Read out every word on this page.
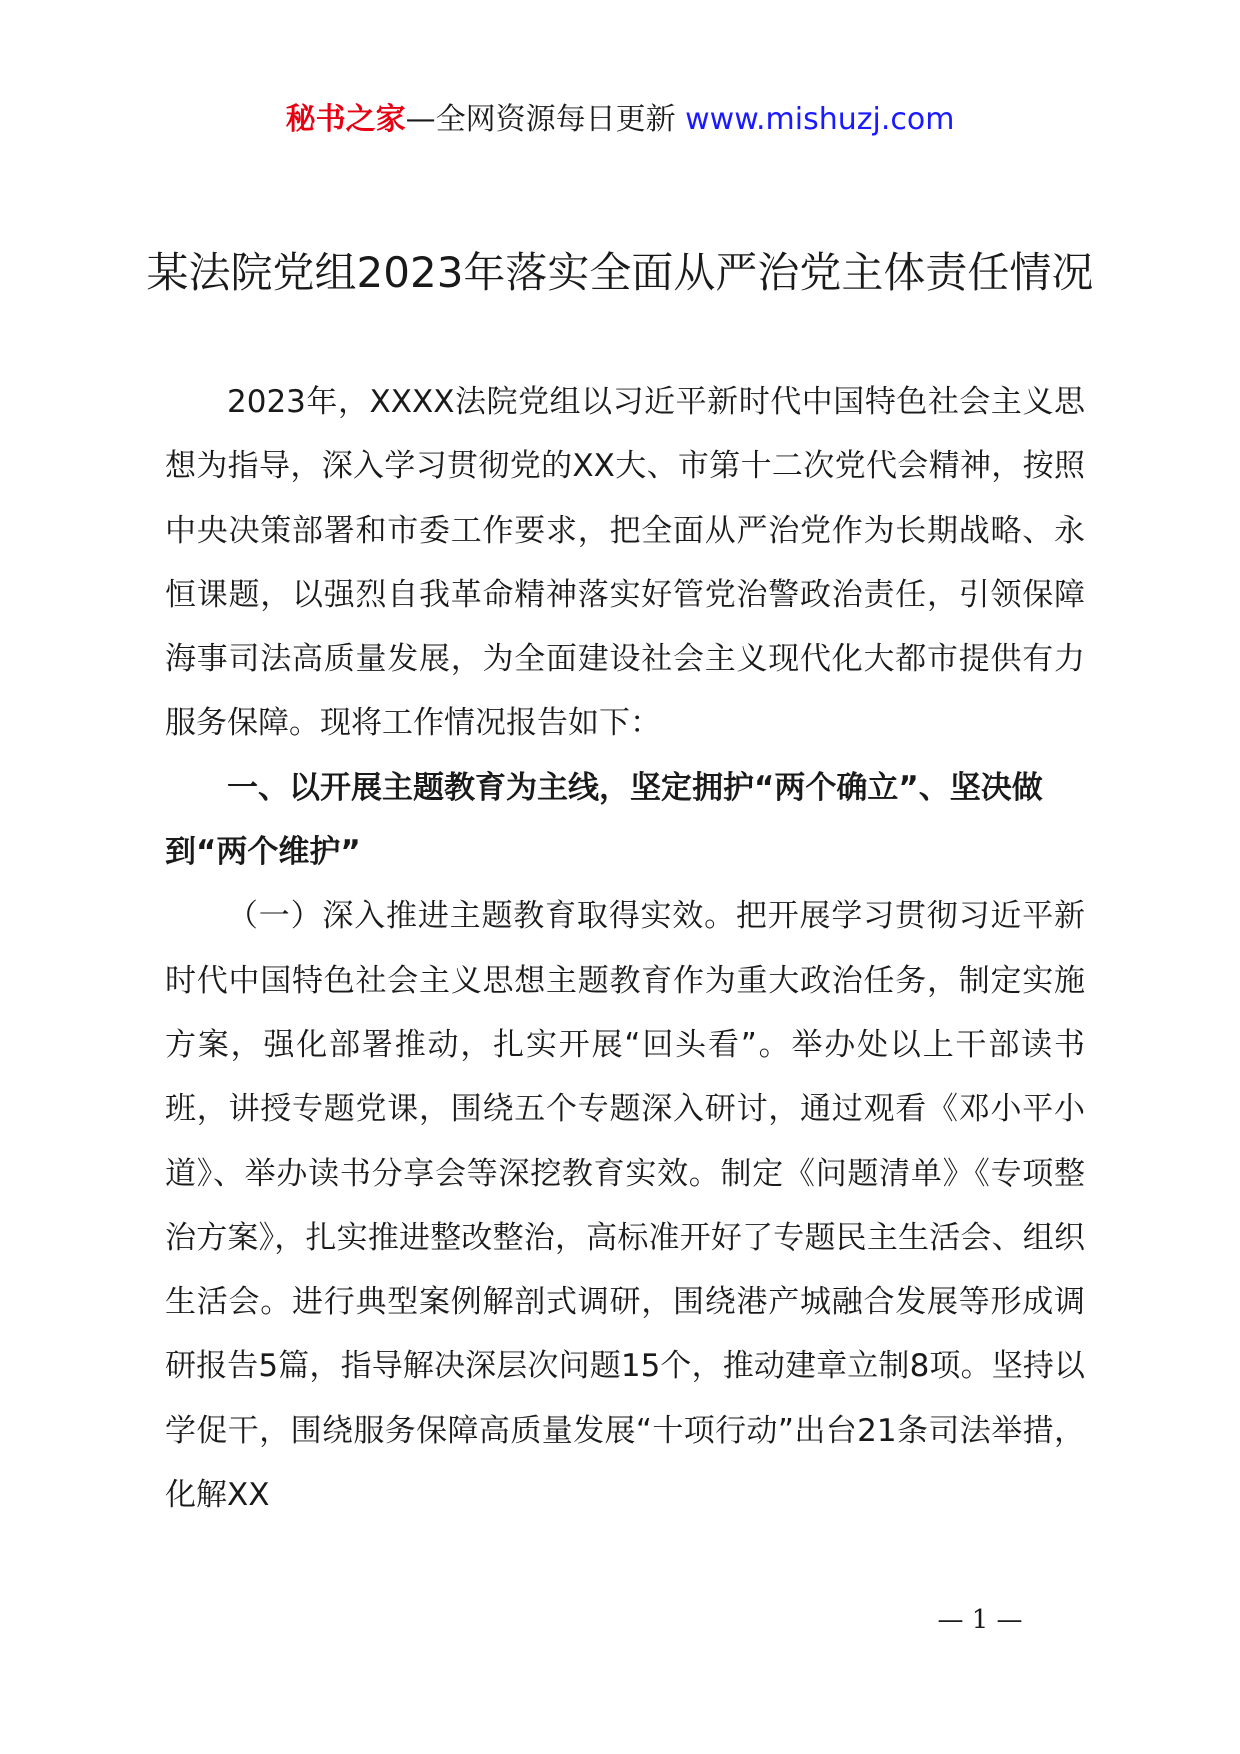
秘书之家—全网资源每日更新 www.mishuzj.com
某法院党组2023年落实全面从严治党主体责任情况

2023年，XXXX法院党组以习近平新时代中国特色社会主义思想为指导，深入学习贯彻党的XX大、市第十二次党代会精神，按照中央决策部署和市委工作要求，把全面从严治党作为长期战略、永恒课题，以强烈自我革命精神落实好管党治警政治责任，引领保障海事司法高质量发展，为全面建设社会主义现代化大都市提供有力服务保障。现将工作情况报告如下：

一、以开展主题教育为主线，坚定拥护“两个确立”、坚决做到“两个维护”

（一）深入推进主题教育取得实效。把开展学习贯彻习近平新时代中国特色社会主义思想主题教育作为重大政治任务，制定实施方案，强化部署推动，扎实开展“回头看”。举办处以上干部读书班，讲授专题党课，围绕五个专题深入研讨，通过观看《邓小平小道》、举办读书分享会等深挖教育实效。制定《问题清单》《专项整治方案》，扎实推进整改整治，高标准开好了专题民主生活会、组织生活会。进行典型案例解剖式调研，围绕港产城融合发展等形成调研报告5篇，指导解决深层次问题15个，推动建章立制8项。坚持以学促干，围绕服务保障高质量发展“十项行动”出台21条司法举措，化解XX

— 1 —
